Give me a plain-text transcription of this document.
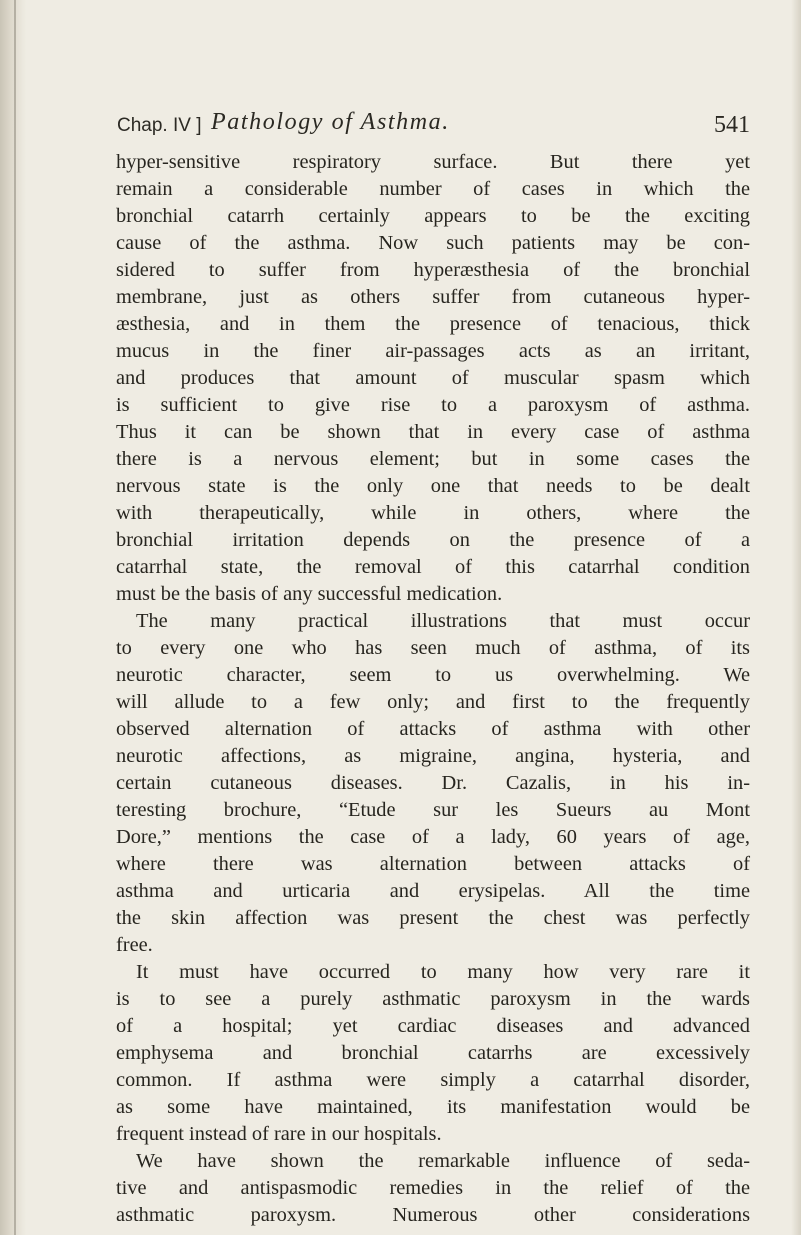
Chap. IV ] Pathology of Asthma.	541
hyper-sensitive respiratory surface. But there yet
remain a considerable number of cases in which the
bronchial catarrh certainly appears to be the exciting
cause of the asthma. Now such patients may be con-
sidered to suffer from hyperæsthesia of the bronchial
membrane, just as others suffer from cutaneous hyper-
æsthesia, and in them the presence of tenacious, thick
mucus in the finer air-passages acts as an irritant,
and produces that amount of muscular spasm which
is sufficient to give rise to a paroxysm of asthma.
Thus it can be shown that in every case of asthma
there is a nervous element; but in some cases the
nervous state is the only one that needs to be dealt
with therapeutically, while in others, where the
bronchial irritation depends on the presence of a
catarrhal state, the removal of this catarrhal condition
must be the basis of any successful medication.
The many practical illustrations that must occur
to every one who has seen much of asthma, of its
neurotic character, seem to us overwhelming. We
will allude to a few only; and first to the frequently
observed alternation of attacks of asthma with other
neurotic affections, as migraine, angina, hysteria, and
certain cutaneous diseases. Dr. Cazalis, in his in-
teresting brochure, “Etude sur les Sueurs au Mont
Dore,” mentions the case of a lady, 60 years of age,
where there was alternation between attacks of
asthma and urticaria and erysipelas. All the time
the skin affection was present the chest was perfectly
free.
It must have occurred to many how very rare it
is to see a purely asthmatic paroxysm in the wards
of a hospital; yet cardiac diseases and advanced
emphysema and bronchial catarrhs are excessively
common. If asthma were simply a catarrhal disorder,
as some have maintained, its manifestation would be
frequent instead of rare in our hospitals.
We have shown the remarkable influence of seda-
tive and antispasmodic remedies in the relief of the
asthmatic paroxysm. Numerous other considerations
